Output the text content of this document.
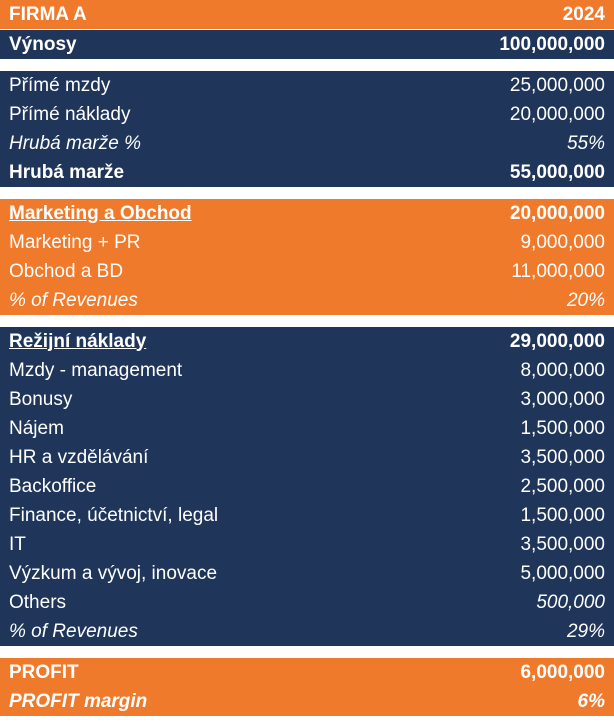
FIRMA A	2024
Výnosy	100,000,000
Přímé mzdy	25,000,000
Přímé náklady	20,000,000
Hrubá marže %	55%
Hrubá marže	55,000,000
Marketing a Obchod	20,000,000
Marketing + PR	9,000,000
Obchod a BD	11,000,000
% of Revenues	20%
Režijní náklady	29,000,000
Mzdy - management	8,000,000
Bonusy	3,000,000
Nájem	1,500,000
HR a vzdělávání	3,500,000
Backoffice	2,500,000
Finance, účetnictví, legal	1,500,000
IT	3,500,000
Výzkum a vývoj, inovace	5,000,000
Others	500,000
% of Revenues	29%
PROFIT	6,000,000
PROFIT margin	6%
